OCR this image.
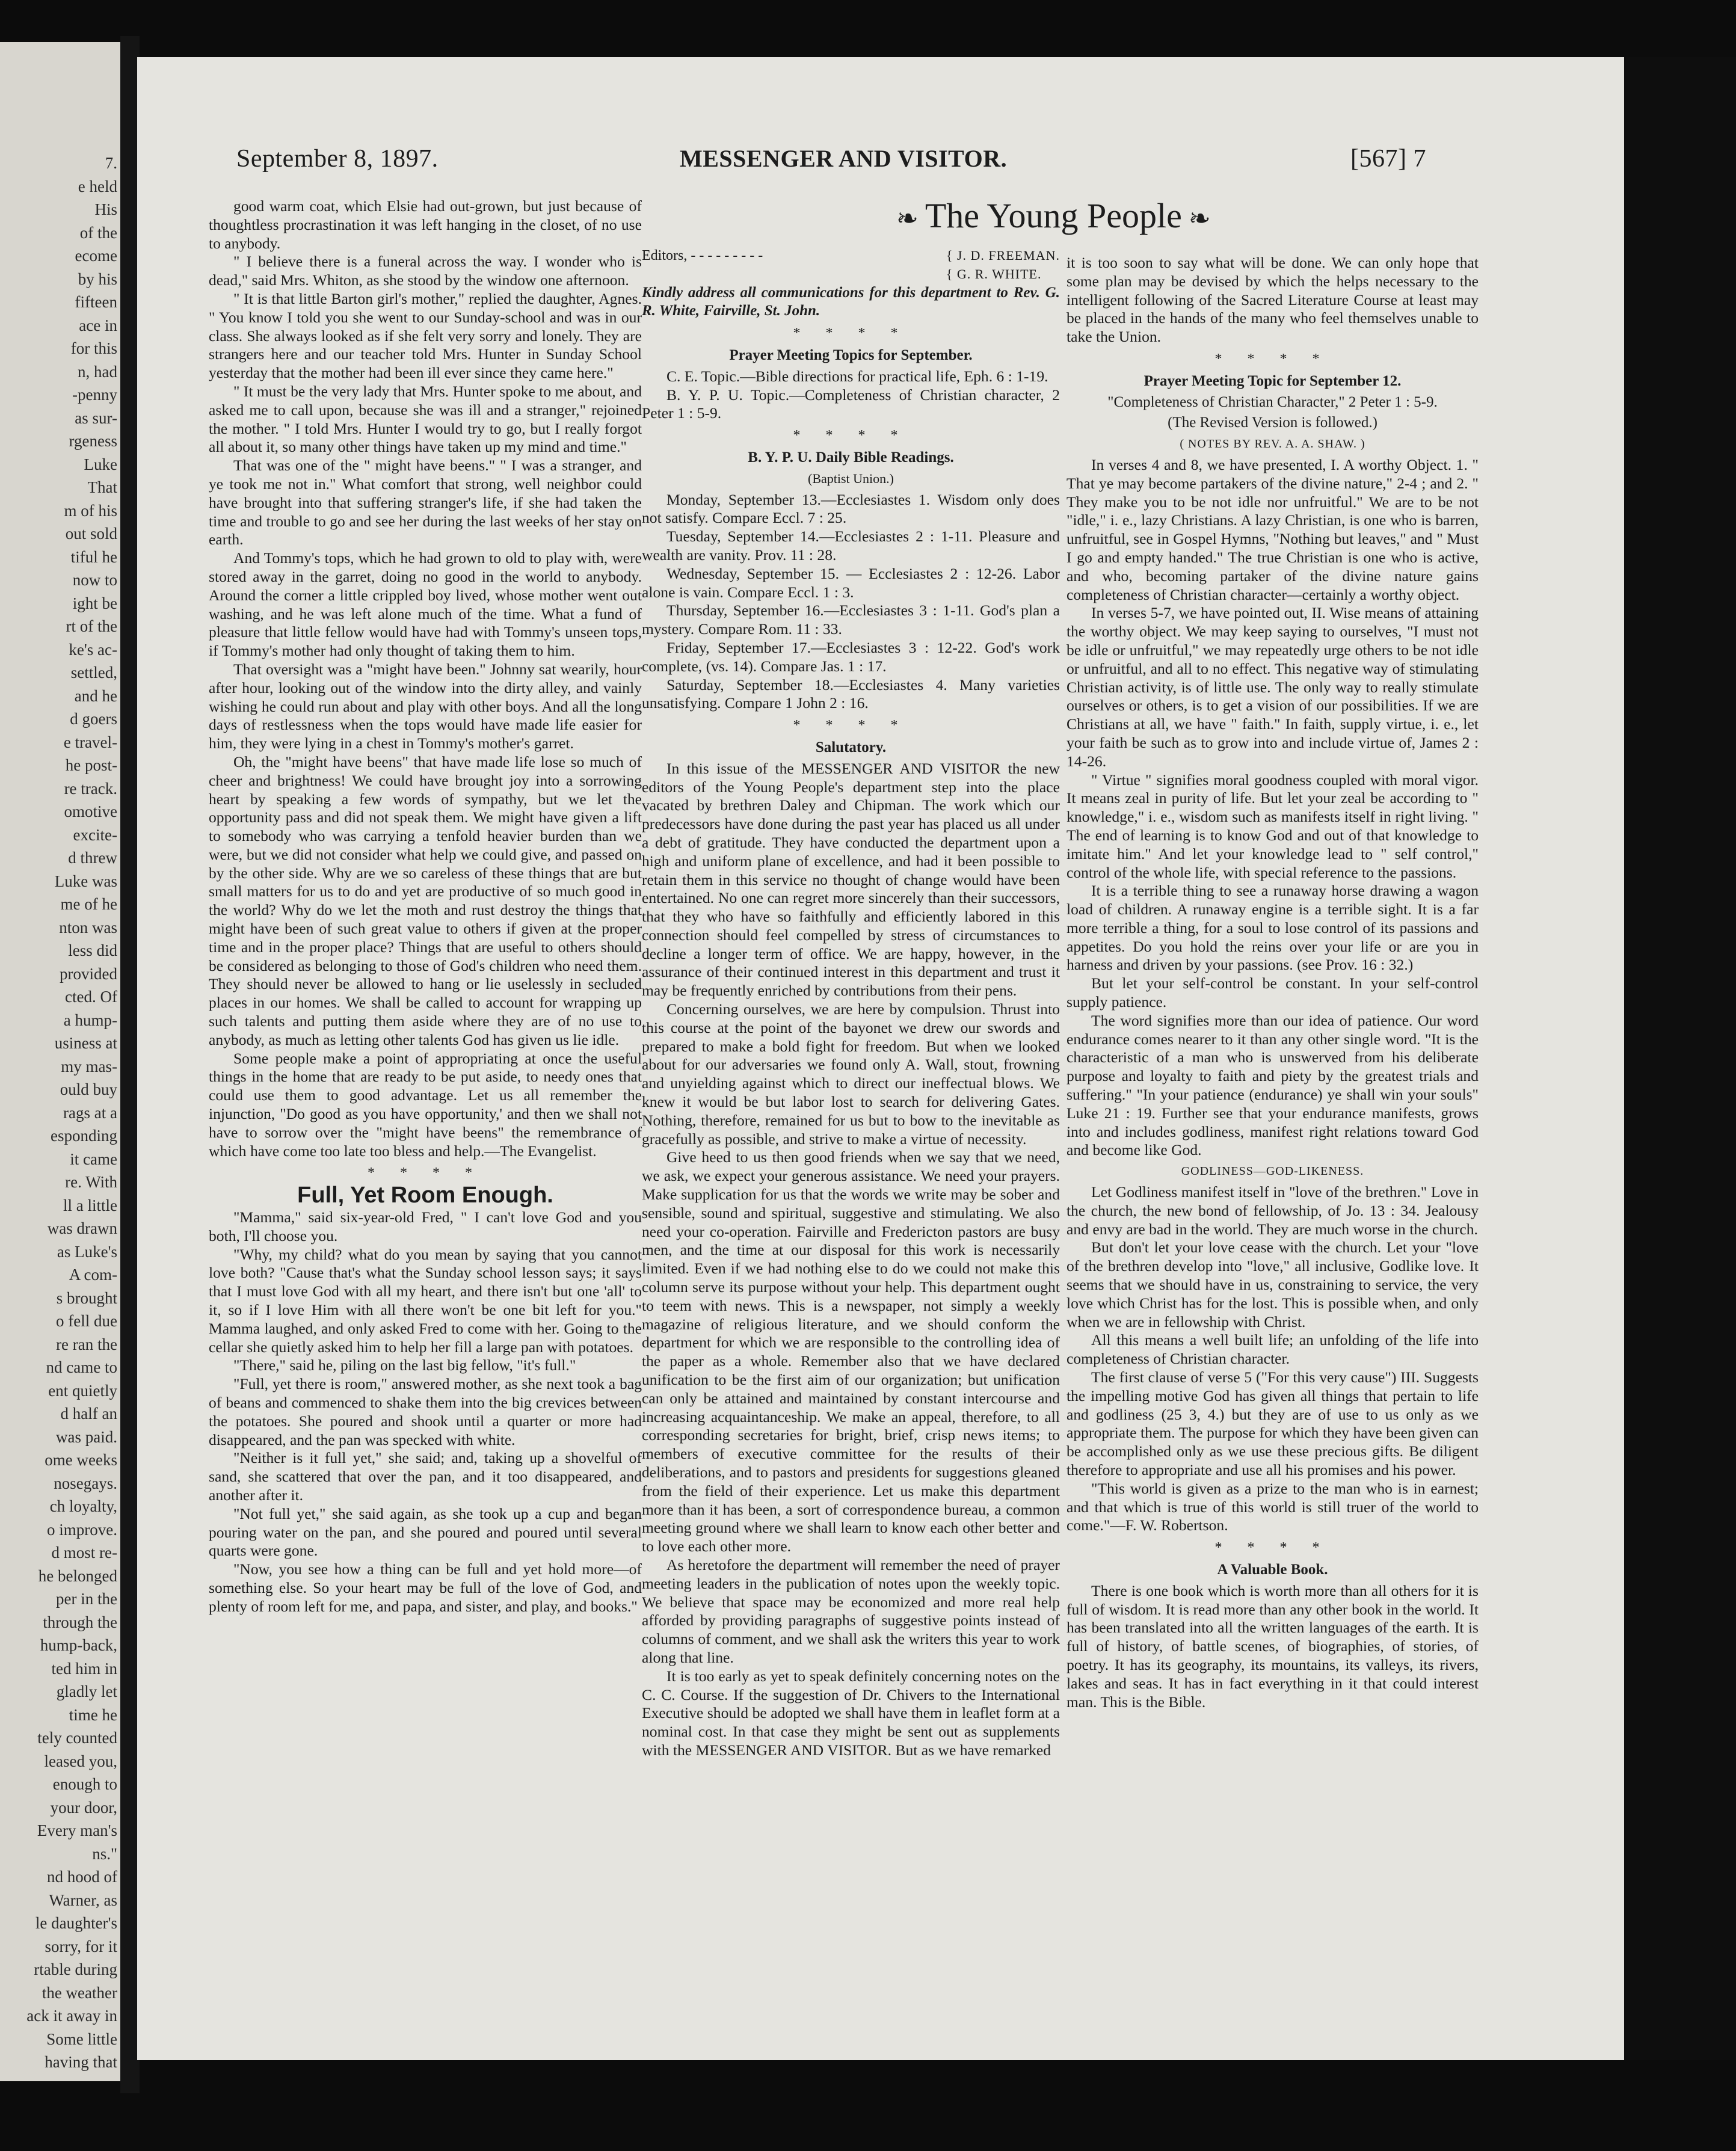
7.
e held
His
of the
ecome
by his
fifteen
ace in
for this
n, had
-penny
as sur-
rgeness
Luke
That
m of his
out sold
tiful he
now to
ight be
rt of the
ke's ac-
settled,
and he
d goers
e travel-
he post-
re track.
omotive
excite-
d threw
Luke was
me of he
nton was
less did
provided
cted. Of
a hump-
usiness at
my mas-
ould buy
rags at a
esponding
it came
re. With
ll a little
was drawn
as Luke's
A com-
s brought
o fell due
re ran the
nd came to
ent quietly
d half an
was paid.
ome weeks
nosegays.
ch loyalty,
o improve.
d most re-
he belonged
per in the
through the
hump-back,
ted him in
gladly let
time he
tely counted
leased you,
enough to
your door,
Every man's
ns."
nd hood of
Warner, as
le daughter's
sorry, for it
rtable during
the weather
ack it away in
Some little
having that
September 8, 1897.	MESSENGER AND VISITOR.	[567] 7
❧ The Young People ❧

good warm coat, which Elsie had out-grown, but just because of thoughtless procrastination it was left hanging in the closet, of no use to anybody.

" I believe there is a funeral across the way. I wonder who is dead," said Mrs. Whiton, as she stood by the window one afternoon.

" It is that little Barton girl's mother," replied the daughter, Agnes. " You know I told you she went to our Sunday-school and was in our class. She always looked as if she felt very sorry and lonely. They are strangers here and our teacher told Mrs. Hunter in Sunday School yesterday that the mother had been ill ever since they came here."

" It must be the very lady that Mrs. Hunter spoke to me about, and asked me to call upon, because she was ill and a stranger," rejoined the mother. " I told Mrs. Hunter I would try to go, but I really forgot all about it, so many other things have taken up my mind and time."

That was one of the " might have beens." " I was a stranger, and ye took me not in." What comfort that strong, well neighbor could have brought into that suffering stranger's life, if she had taken the time and trouble to go and see her during the last weeks of her stay on earth.

And Tommy's tops, which he had grown to old to play with, were stored away in the garret, doing no good in the world to anybody. Around the corner a little crippled boy lived, whose mother went out washing, and he was left alone much of the time. What a fund of pleasure that little fellow would have had with Tommy's unseen tops, if Tommy's mother had only thought of taking them to him.

That oversight was a "might have been." Johnny sat wearily, hour after hour, looking out of the window into the dirty alley, and vainly wishing he could run about and play with other boys. And all the long days of restlessness when the tops would have made life easier for him, they were lying in a chest in Tommy's mother's garret.

Oh, the "might have beens" that have made life lose so much of cheer and brightness! We could have brought joy into a sorrowing heart by speaking a few words of sympathy, but we let the opportunity pass and did not speak them. We might have given a lift to somebody who was carrying a tenfold heavier burden than we were, but we did not consider what help we could give, and passed on by the other side. Why are we so careless of these things that are but small matters for us to do and yet are productive of so much good in the world? Why do we let the moth and rust destroy the things that might have been of such great value to others if given at the proper time and in the proper place? Things that are useful to others should be considered as belonging to those of God's children who need them. They should never be allowed to hang or lie uselessly in secluded places in our homes. We shall be called to account for wrapping up such talents and putting them aside where they are of no use to anybody, as much as letting other talents God has given us lie idle.

Some people make a point of appropriating at once the useful things in the home that are ready to be put aside, to needy ones that could use them to good advantage. Let us all remember the injunction, "Do good as you have opportunity,' and then we shall not have to sorrow over the "might have beens" the remembrance of which have come too late too bless and help.—The Evangelist.

* * * *
Full, Yet Room Enough.

"Mamma," said six-year-old Fred, " I can't love God and you both, I'll choose you.

"Why, my child? what do you mean by saying that you cannot love both? "Cause that's what the Sunday school lesson says; it says that I must love God with all my heart, and there isn't but one 'all' to it, so if I love Him with all there won't be one bit left for you." Mamma laughed, and only asked Fred to come with her. Going to the cellar she quietly asked him to help her fill a large pan with potatoes.

"There," said he, piling on the last big fellow, "it's full."

"Full, yet there is room," answered mother, as she next took a bag of beans and commenced to shake them into the big crevices between the potatoes. She poured and shook until a quarter or more had disappeared, and the pan was specked with white.

"Neither is it full yet," she said; and, taking up a shovelful of sand, she scattered that over the pan, and it too disappeared, and another after it.

"Not full yet," she said again, as she took up a cup and began pouring water on the pan, and she poured and poured until several quarts were gone.

"Now, you see how a thing can be full and yet hold more—of something else. So your heart may be full of the love of God, and plenty of room left for me, and papa, and sister, and play, and books."

Editors, - - - - - - - - -	{ J. D. FREEMAN.
{ G. R. WHITE.

Kindly address all communications for this department to Rev. G. R. White, Fairville, St. John.

* * * *
Prayer Meeting Topics for September.

C. E. Topic.—Bible directions for practical life, Eph. 6 : 1-19.

B. Y. P. U. Topic.—Completeness of Christian character, 2 Peter 1 : 5-9.

* * * *
B. Y. P. U. Daily Bible Readings.
(Baptist Union.)

Monday, September 13.—Ecclesiastes 1. Wisdom only does not satisfy. Compare Eccl. 7 : 25.

Tuesday, September 14.—Ecclesiastes 2 : 1-11. Pleasure and wealth are vanity. Prov. 11 : 28.

Wednesday, September 15. — Ecclesiastes 2 : 12-26. Labor alone is vain. Compare Eccl. 1 : 3.

Thursday, September 16.—Ecclesiastes 3 : 1-11. God's plan a mystery. Compare Rom. 11 : 33.

Friday, September 17.—Ecclesiastes 3 : 12-22. God's work complete, (vs. 14). Compare Jas. 1 : 17.

Saturday, September 18.—Ecclesiastes 4. Many varieties unsatisfying. Compare 1 John 2 : 16.

* * * *
Salutatory.

In this issue of the MESSENGER AND VISITOR the new editors of the Young People's department step into the place vacated by brethren Daley and Chipman. The work which our predecessors have done during the past year has placed us all under a debt of gratitude. They have conducted the department upon a high and uniform plane of excellence, and had it been possible to retain them in this service no thought of change would have been entertained. No one can regret more sincerely than their successors, that they who have so faithfully and efficiently labored in this connection should feel compelled by stress of circumstances to decline a longer term of office. We are happy, however, in the assurance of their continued interest in this department and trust it may be frequently enriched by contributions from their pens.

Concerning ourselves, we are here by compulsion. Thrust into this course at the point of the bayonet we drew our swords and prepared to make a bold fight for freedom. But when we looked about for our adversaries we found only A. Wall, stout, frowning and unyielding against which to direct our ineffectual blows. We knew it would be but labor lost to search for delivering Gates. Nothing, therefore, remained for us but to bow to the inevitable as gracefully as possible, and strive to make a virtue of necessity.

Give heed to us then good friends when we say that we need, we ask, we expect your generous assistance. We need your prayers. Make supplication for us that the words we write may be sober and sensible, sound and spiritual, suggestive and stimulating. We also need your co-operation. Fairville and Fredericton pastors are busy men, and the time at our disposal for this work is necessarily limited. Even if we had nothing else to do we could not make this column serve its purpose without your help. This department ought to teem with news. This is a newspaper, not simply a weekly magazine of religious literature, and we should conform the department for which we are responsible to the controlling idea of the paper as a whole. Remember also that we have declared unification to be the first aim of our organization; but unification can only be attained and maintained by constant intercourse and increasing acquaintanceship. We make an appeal, therefore, to all corresponding secretaries for bright, brief, crisp news items; to members of executive committee for the results of their deliberations, and to pastors and presidents for suggestions gleaned from the field of their experience. Let us make this department more than it has been, a sort of correspondence bureau, a common meeting ground where we shall learn to know each other better and to love each other more.

As heretofore the department will remember the need of prayer meeting leaders in the publication of notes upon the weekly topic. We believe that space may be economized and more real help afforded by providing paragraphs of suggestive points instead of columns of comment, and we shall ask the writers this year to work along that line.

It is too early as yet to speak definitely concerning notes on the C. C. Course. If the suggestion of Dr. Chivers to the International Executive should be adopted we shall have them in leaflet form at a nominal cost. In that case they might be sent out as supplements with the MESSENGER AND VISITOR. But as we have remarked

it is too soon to say what will be done. We can only hope that some plan may be devised by which the helps necessary to the intelligent following of the Sacred Literature Course at least may be placed in the hands of the many who feel themselves unable to take the Union.

* * * *
Prayer Meeting Topic for September 12.
"Completeness of Christian Character," 2 Peter 1 : 5-9.
(The Revised Version is followed.)
( NOTES BY REV. A. A. SHAW. )

In verses 4 and 8, we have presented, I. A worthy Object. 1. " That ye may become partakers of the divine nature," 2-4 ; and 2. " They make you to be not idle nor unfruitful." We are to be not "idle," i. e., lazy Christians. A lazy Christian, is one who is barren, unfruitful, see in Gospel Hymns, "Nothing but leaves," and " Must I go and empty handed." The true Christian is one who is active, and who, becoming partaker of the divine nature gains completeness of Christian character—certainly a worthy object.

In verses 5-7, we have pointed out, II. Wise means of attaining the worthy object. We may keep saying to ourselves, "I must not be idle or unfruitful," we may repeatedly urge others to be not idle or unfruitful, and all to no effect. This negative way of stimulating Christian activity, is of little use. The only way to really stimulate ourselves or others, is to get a vision of our possibilities. If we are Christians at all, we have " faith." In faith, supply virtue, i. e., let your faith be such as to grow into and include virtue of, James 2 : 14-26.

" Virtue " signifies moral goodness coupled with moral vigor. It means zeal in purity of life. But let your zeal be according to " knowledge," i. e., wisdom such as manifests itself in right living. " The end of learning is to know God and out of that knowledge to imitate him." And let your knowledge lead to " self control," control of the whole life, with special reference to the passions.

It is a terrible thing to see a runaway horse drawing a wagon load of children. A runaway engine is a terrible sight. It is a far more terrible a thing, for a soul to lose control of its passions and appetites. Do you hold the reins over your life or are you in harness and driven by your passions. (see Prov. 16 : 32.)

But let your self-control be constant. In your self-control supply patience.

The word signifies more than our idea of patience. Our word endurance comes nearer to it than any other single word. "It is the characteristic of a man who is unswerved from his deliberate purpose and loyalty to faith and piety by the greatest trials and suffering." "In your patience (endurance) ye shall win your souls" Luke 21 : 19. Further see that your endurance manifests, grows into and includes godliness, manifest right relations toward God and become like God.

GODLINESS—GOD-LIKENESS.

Let Godliness manifest itself in "love of the brethren." Love in the church, the new bond of fellowship, of Jo. 13 : 34. Jealousy and envy are bad in the world. They are much worse in the church.

But don't let your love cease with the church. Let your "love of the brethren develop into "love," all inclusive, Godlike love. It seems that we should have in us, constraining to service, the very love which Christ has for the lost. This is possible when, and only when we are in fellowship with Christ.

All this means a well built life; an unfolding of the life into completeness of Christian character.

The first clause of verse 5 ("For this very cause") III. Suggests the impelling motive God has given all things that pertain to life and godliness (25 3, 4.) but they are of use to us only as we appropriate them. The purpose for which they have been given can be accomplished only as we use these precious gifts. Be diligent therefore to appropriate and use all his promises and his power.

"This world is given as a prize to the man who is in earnest; and that which is true of this world is still truer of the world to come."—F. W. Robertson.

* * * *
A Valuable Book.

There is one book which is worth more than all others for it is full of wisdom. It is read more than any other book in the world. It has been translated into all the written languages of the earth. It is full of history, of battle scenes, of biographies, of stories, of poetry. It has its geography, its mountains, its valleys, its rivers, lakes and seas. It has in fact everything in it that could interest man. This is the Bible.
